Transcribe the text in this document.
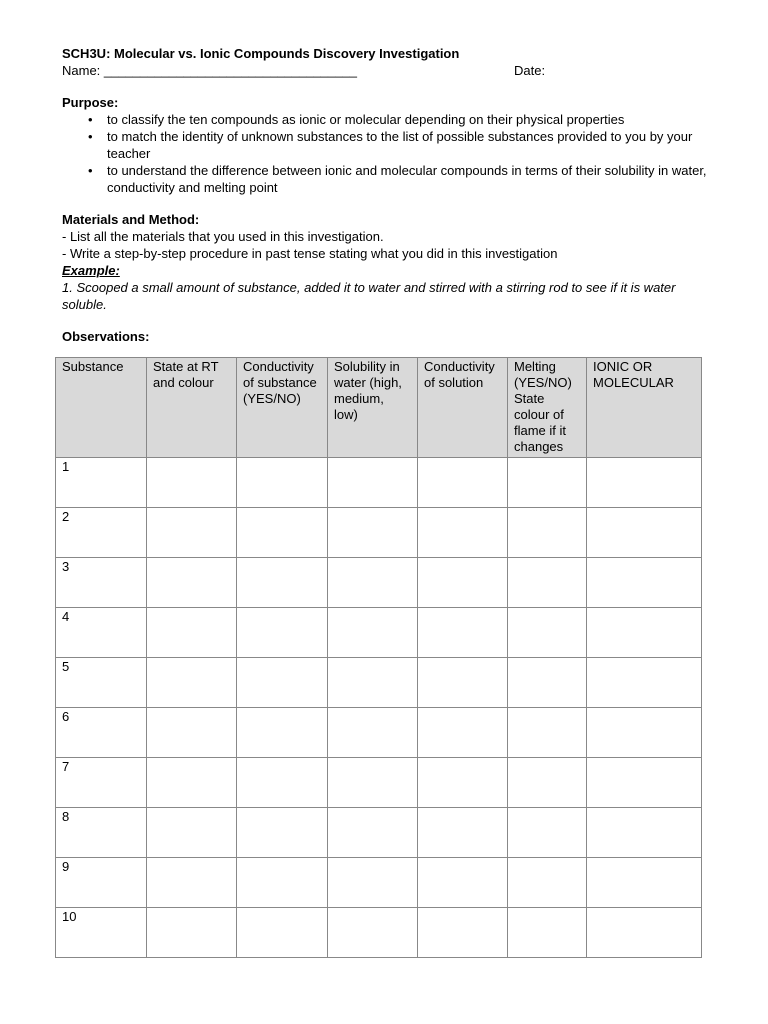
SCH3U: Molecular vs. Ionic Compounds Discovery Investigation
Name: ___________________________________	Date:
Purpose:
• to classify the ten compounds as ionic or molecular depending on their physical properties
• to match the identity of unknown substances to the list of possible substances provided to you by your teacher
• to understand the difference between ionic and molecular compounds in terms of their solubility in water, conductivity and melting point
Materials and Method:
- List all the materials that you used in this investigation.
- Write a step-by-step procedure in past tense stating what you did in this investigation
Example:
1. Scooped a small amount of substance, added it to water and stirred with a stirring rod to see if it is water soluble.
Observations:
Substance	State at RT and colour	Conductivity of substance (YES/NO)	Solubility in water (high, medium, low)	Conductivity of solution	Melting (YES/NO) State colour of flame if it changes	IONIC OR MOLECULAR
1						
2						
3						
4						
5						
6						
7						
8						
9						
10						
